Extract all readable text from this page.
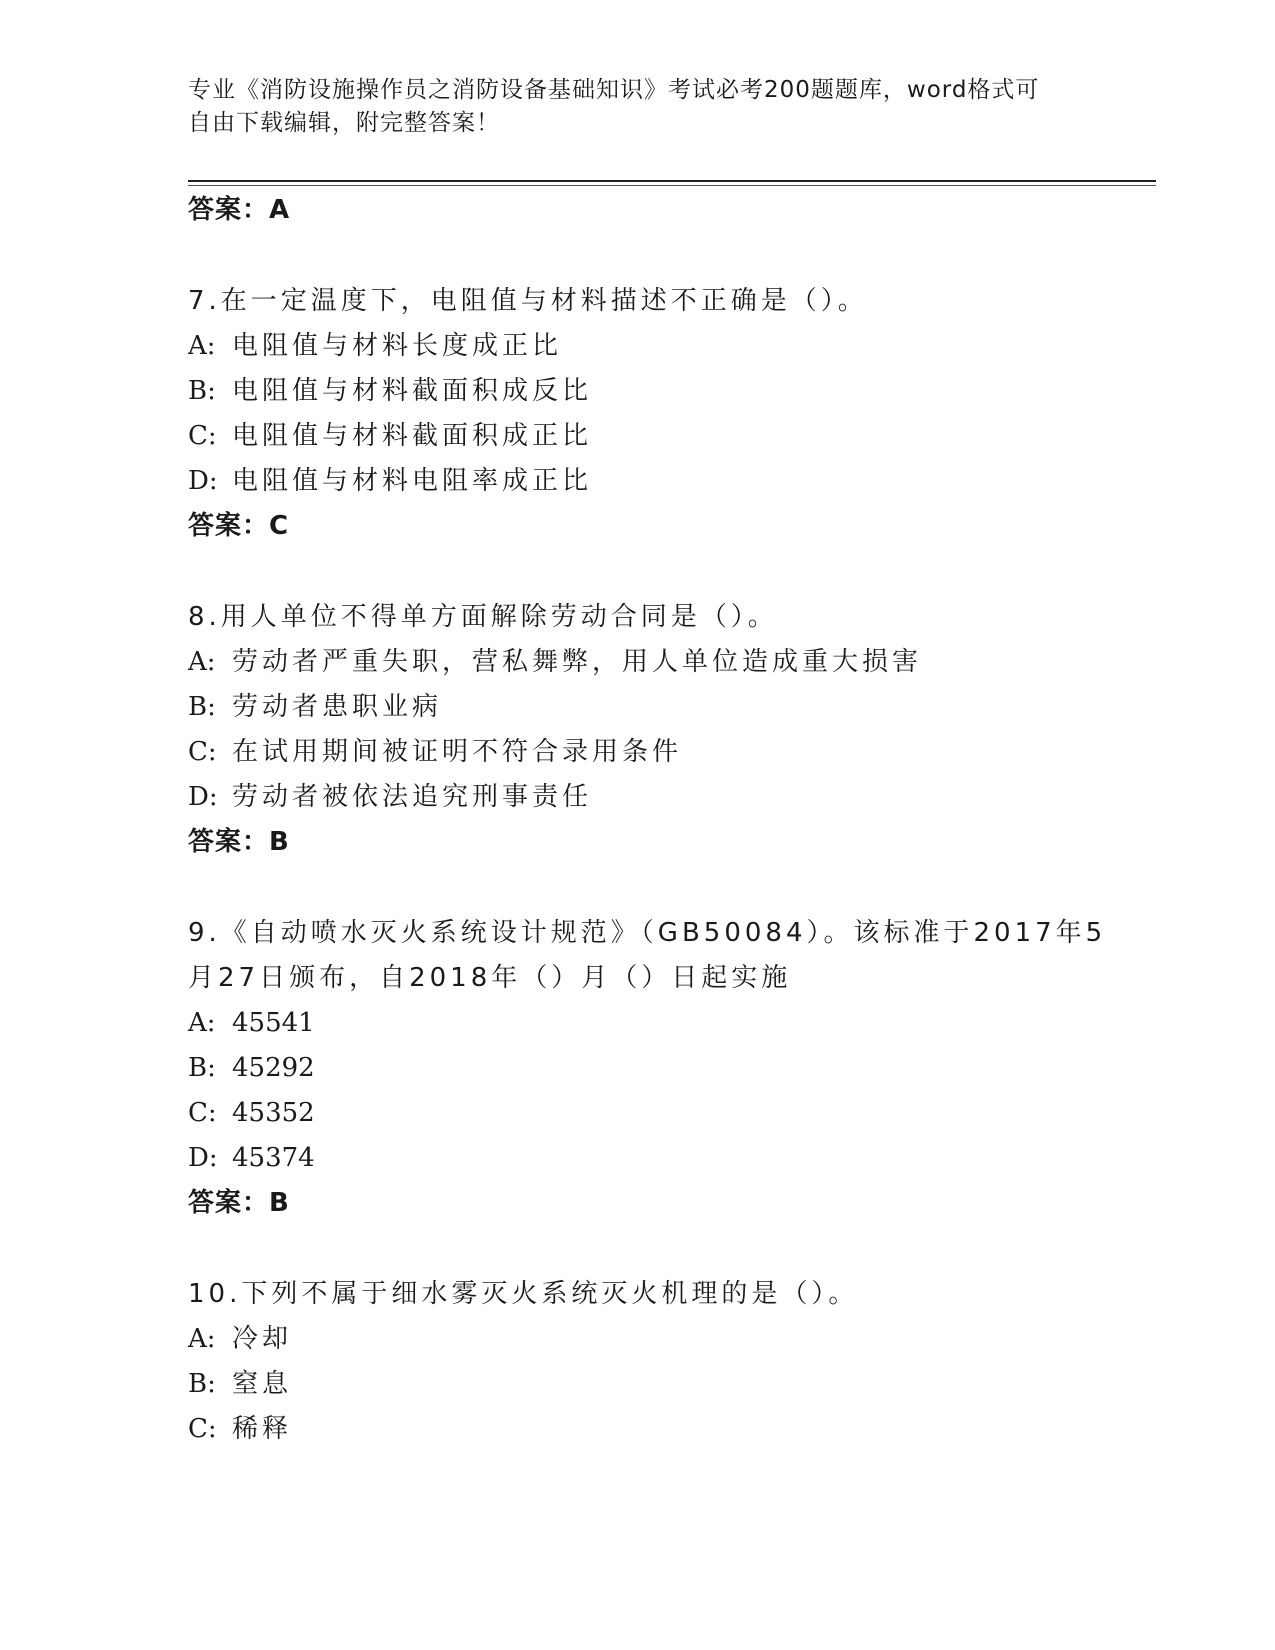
专业《消防设施操作员之消防设备基础知识》考试必考200题题库，word格式可
自由下载编辑，附完整答案！
答案：A
7.在一定温度下，电阻值与材料描述不正确是（）。
A: 电阻值与材料长度成正比
B: 电阻值与材料截面积成反比
C: 电阻值与材料截面积成正比
D: 电阻值与材料电阻率成正比
答案：C
8.用人单位不得单方面解除劳动合同是（）。
A: 劳动者严重失职，营私舞弊，用人单位造成重大损害
B: 劳动者患职业病
C: 在试用期间被证明不符合录用条件
D: 劳动者被依法追究刑事责任
答案：B
9.《自动喷水灭火系统设计规范》（GB50084）。该标准于2017年5
月27日颁布，自2018年（）月（）日起实施
A: 45541
B: 45292
C: 45352
D: 45374
答案：B
10.下列不属于细水雾灭火系统灭火机理的是（）。
A: 冷却
B: 窒息
C: 稀释
